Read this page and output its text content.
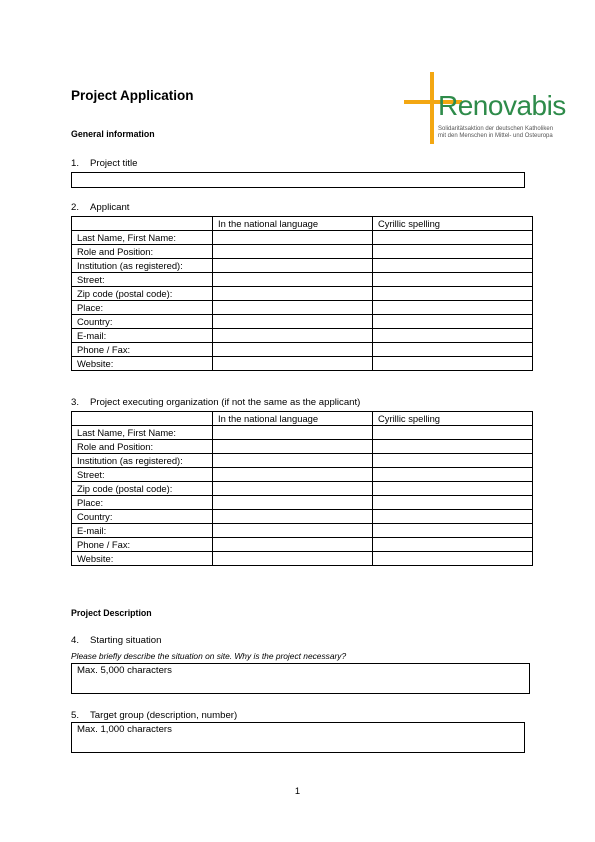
Project Application	Renovabis
Solidaritätsaktion der deutschen Katholiken
mit den Menschen in Mittel- und Osteuropa
General information
1. Project title
2. Applicant
	In the national language	Cyrillic spelling
Last Name, First Name:		
Role and Position:		
Institution (as registered):		
Street:		
Zip code (postal code):		
Place:		
Country:		
E-mail:		
Phone / Fax:		
Website:		
3. Project executing organization (if not the same as the applicant)
	In the national language	Cyrillic spelling
Last Name, First Name:		
Role and Position:		
Institution (as registered):		
Street:		
Zip code (postal code):		
Place:		
Country:		
E-mail:		
Phone / Fax:		
Website:		
Project Description
4. Starting situation
Please briefly describe the situation on site. Why is the project necessary?
Max. 5,000 characters
5. Target group (description, number)
Max. 1,000 characters
1
